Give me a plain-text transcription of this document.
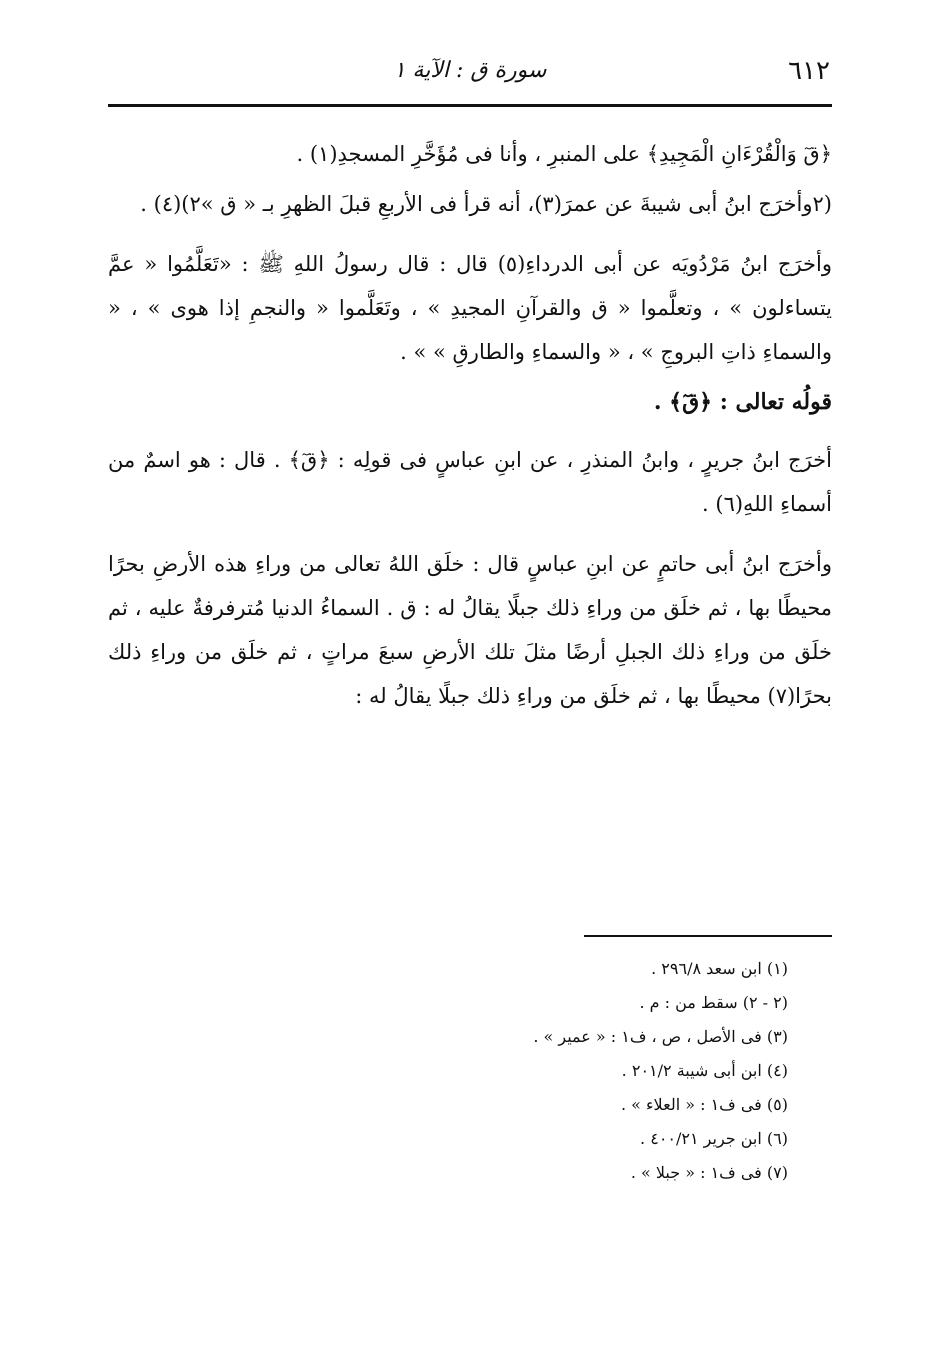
٦١٢
سورة ق : الآية ١

﴿قٓ وَالْقُرْءَانِ الْمَجِيدِ﴾ على المنبرِ ، وأنا فى مُؤَخَّرِ المسجدِ(١) .

(٢وأخرَج ابنُ أبى شيبةَ عن عمرَ(٣)، أنه قرأ فى الأربعِ قبلَ الظهرِ بـ « ق »٢)(٤) .

وأخرَج ابنُ مَرْدُويَه عن أبى الدرداءِ(٥) قال : قال رسولُ اللهِ ﷺ : «تَعَلَّمُوا « عمَّ يتساءلون » ، وتعلَّموا « ق والقرآنِ المجيدِ » ، وتَعَلَّموا « والنجمِ إذا هوى » ، « والسماءِ ذاتِ البروجِ » ، « والسماءِ والطارقِ » » .

قولُه تعالى : ﴿قٓ﴾ .

أخرَج ابنُ جريرٍ ، وابنُ المنذرِ ، عن ابنِ عباسٍ فى قولِه : ﴿قٓ﴾ . قال : هو اسمٌ من أسماءِ اللهِ(٦) .

وأخرَج ابنُ أبى حاتمٍ عن ابنِ عباسٍ قال : خلَق اللهُ تعالى من وراءِ هذه الأرضِ بحرًا محيطًا بها ، ثم خلَق من وراءِ ذلك جبلًا يقالُ له : ق . السماءُ الدنيا مُترفرفةٌ عليه ، ثم خلَق من وراءِ ذلك الجبلِ أرضًا مثلَ تلك الأرضِ سبعَ مراتٍ ، ثم خلَق من وراءِ ذلك بحرًا(٧) محيطًا بها ، ثم خلَق من وراءِ ذلك جبلًا يقالُ له :

(١) ابن سعد ٢٩٦/٨ .
(٢ - ٢) سقط من : م .
(٣) فى الأصل ، ص ، ف١ : « عمير » .
(٤) ابن أبى شيبة ٢٠١/٢ .
(٥) فى ف١ : « العلاء » .
(٦) ابن جرير ٤٠٠/٢١ .
(٧) فى ف١ : « جبلا » .
